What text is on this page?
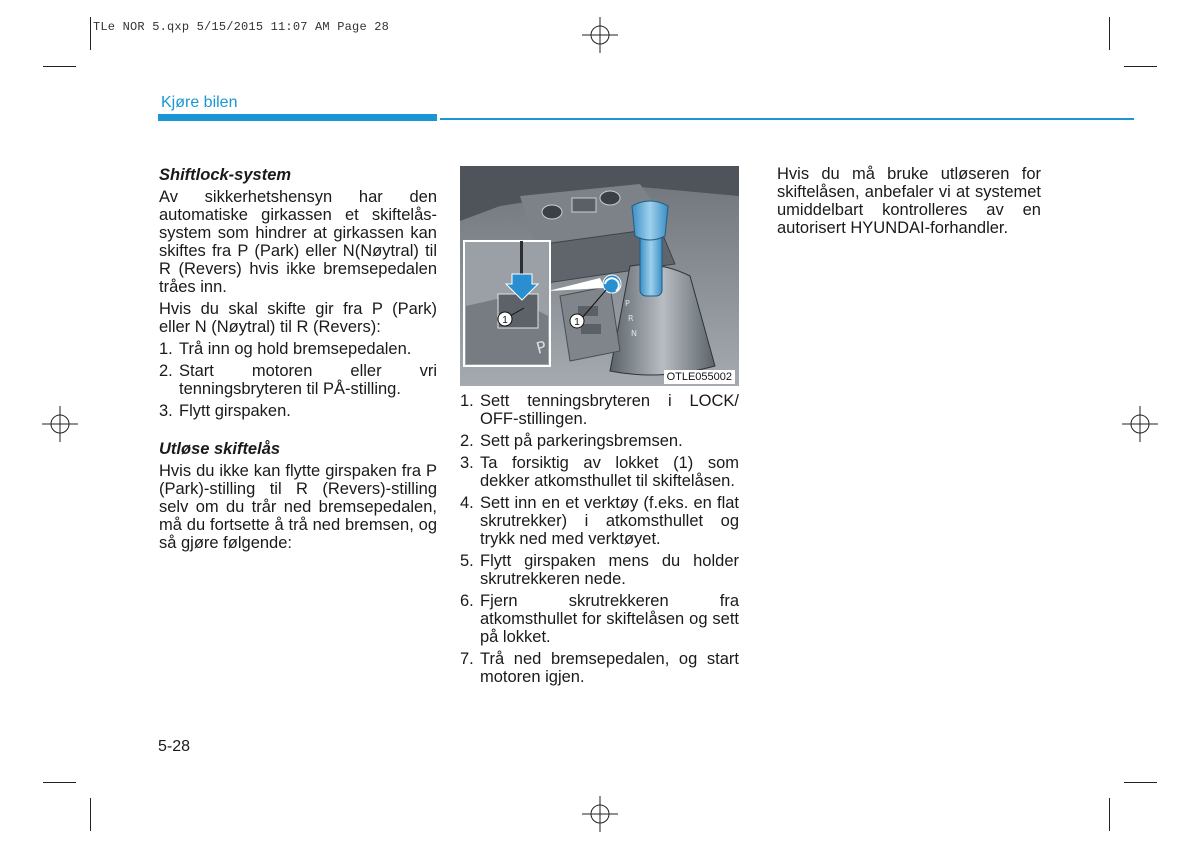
TLe NOR 5.qxp 5/15/2015 11:07 AM Page 28
Kjøre bilen
Shiftlock-system

Av sikkerhetshensyn har den automatiske girkassen et skiftelås-system som hindrer at girkassen kan skiftes fra P (Park) eller N(Nøytral) til R (Revers) hvis ikke bremsepedalen tråes inn.

Hvis du skal skifte gir fra P (Park) eller N (Nøytral) til R (Revers):

1. Trå inn og hold bremsepedalen.
2. Start motoren eller vri tenningsbryteren til PÅ-stilling.
3. Flytt girspaken.
Utløse skiftelås

Hvis du ikke kan flytte girspaken fra P (Park)-stilling til R (Revers)-stilling selv om du trår ned bremsepedalen, må du fortsette å trå ned bremsen, og så gjøre følgende:

P
R
N
P
1	1
OTLE055002
1. Sett tenningsbryteren i LOCK/ OFF-stillingen.
2. Sett på parkeringsbremsen.
3. Ta forsiktig av lokket (1) som dekker atkomsthullet til skiftelåsen.
4. Sett inn en et verktøy (f.eks. en flat skrutrekker) i atkomsthullet og trykk ned med verktøyet.
5. Flytt girspaken mens du holder skrutrekkeren nede.
6. Fjern skrutrekkeren fra atkomsthullet for skiftelåsen og sett på lokket.
7. Trå ned bremsepedalen, og start motoren igjen.

Hvis du må bruke utløseren for skiftelåsen, anbefaler vi at systemet umiddelbart kontrolleres av en autorisert HYUNDAI-forhandler.

5-28
